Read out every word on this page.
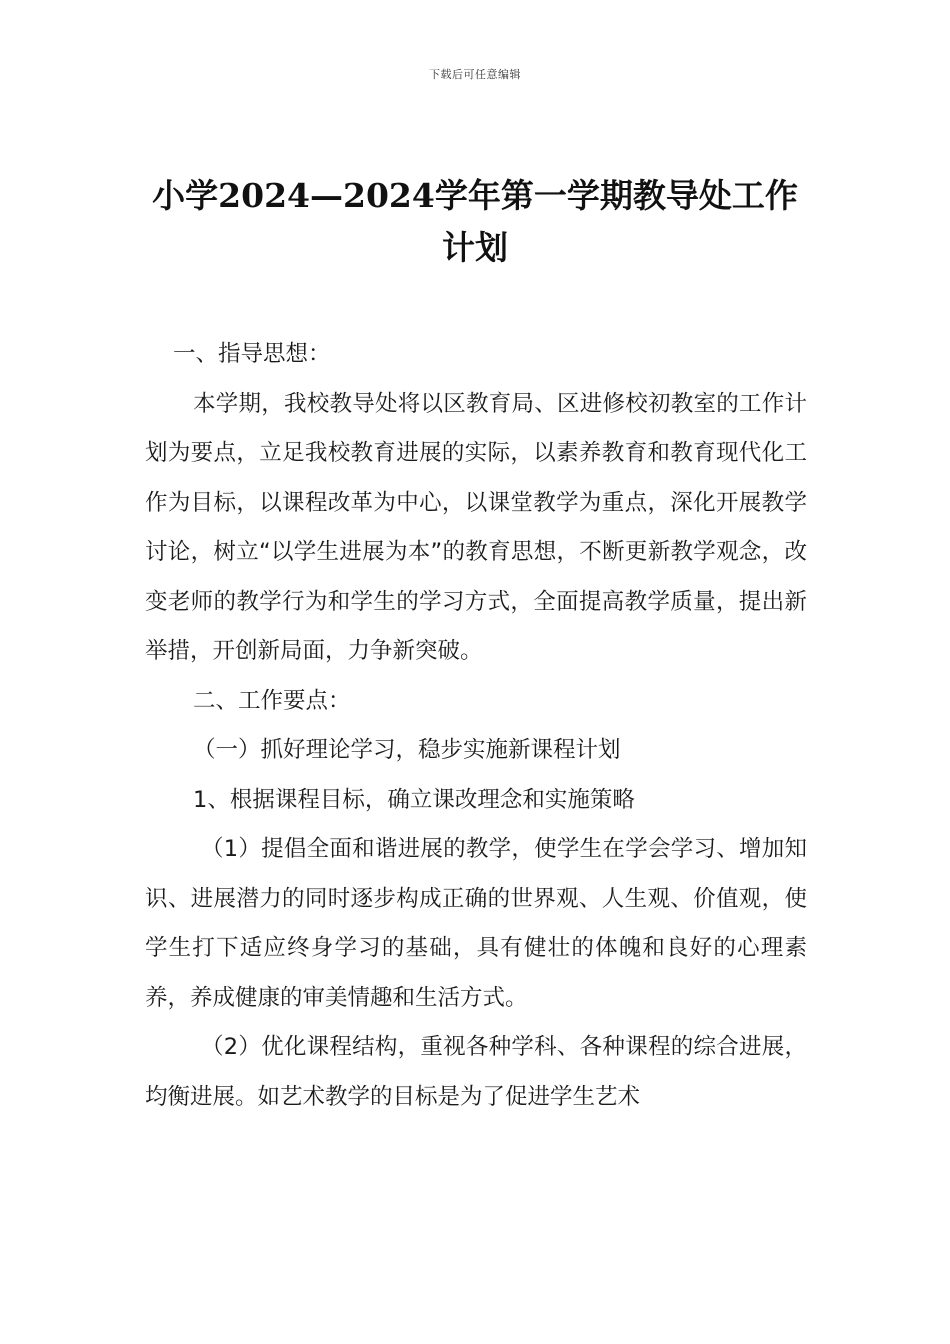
下载后可任意编辑
小学2024—2024学年第一学期教导处工作
计划

一、指导思想：

本学期，我校教导处将以区教育局、区进修校初教室的工作计划为要点，立足我校教育进展的实际，以素养教育和教育现代化工作为目标，以课程改革为中心，以课堂教学为重点，深化开展教学讨论，树立“以学生进展为本”的教育思想，不断更新教学观念，改变老师的教学行为和学生的学习方式，全面提高教学质量，提出新举措，开创新局面，力争新突破。

二、工作要点：

（一）抓好理论学习，稳步实施新课程计划

1、根据课程目标，确立课改理念和实施策略

（1）提倡全面和谐进展的教学，使学生在学会学习、增加知识、进展潜力的同时逐步构成正确的世界观、人生观、价值观，使学生打下适应终身学习的基础，具有健壮的体魄和良好的心理素养，养成健康的审美情趣和生活方式。

（2）优化课程结构，重视各种学科、各种课程的综合进展，均衡进展。如艺术教学的目标是为了促进学生艺术
